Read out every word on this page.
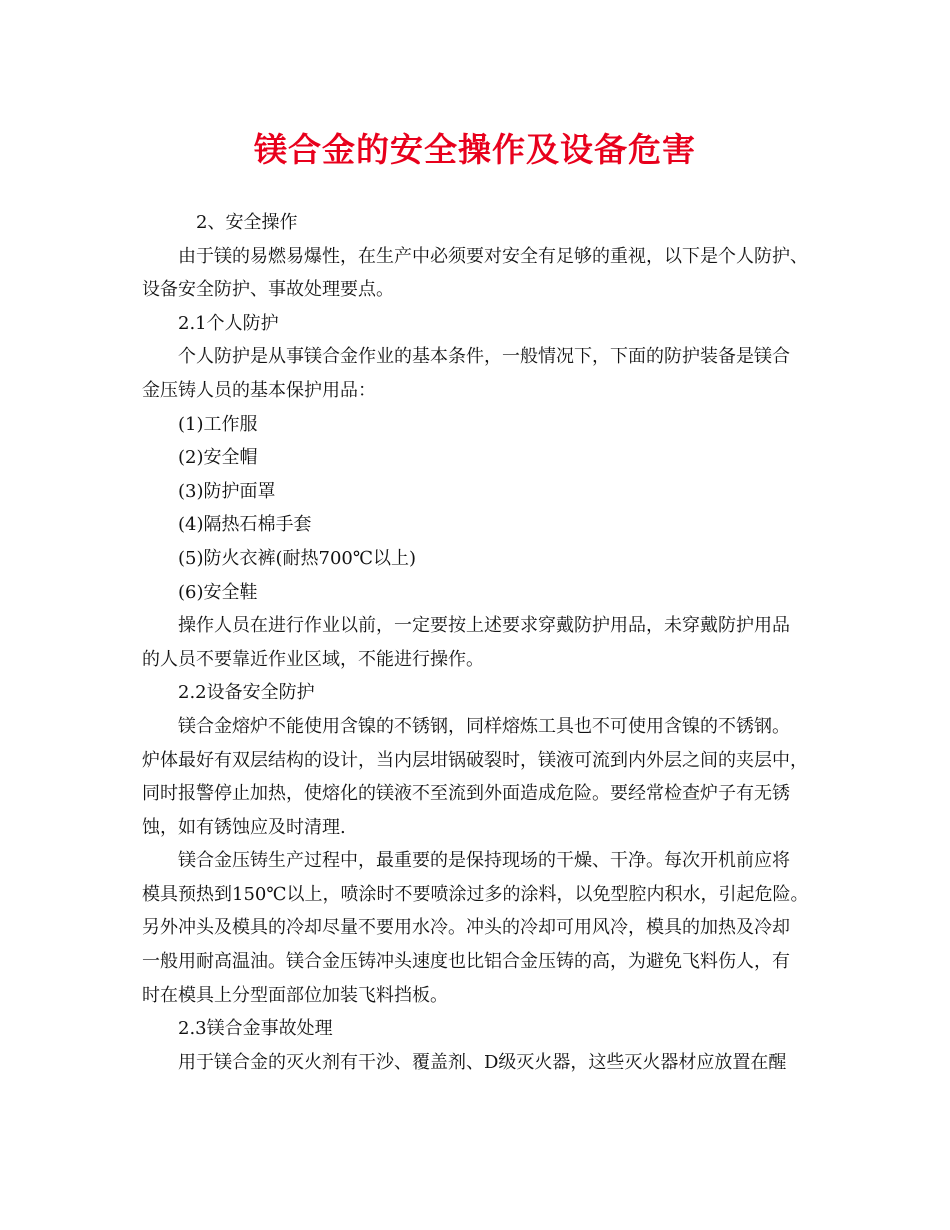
镁合金的安全操作及设备危害

2、安全操作

由于镁的易燃易爆性，在生产中必须要对安全有足够的重视，以下是个人防护、

设备安全防护、事故处理要点。

2.1个人防护

个人防护是从事镁合金作业的基本条件，一般情况下，下面的防护装备是镁合

金压铸人员的基本保护用品：

(1)工作服

(2)安全帽

(3)防护面罩

(4)隔热石棉手套

(5)防火衣裤(耐热700℃以上)

(6)安全鞋

操作人员在进行作业以前，一定要按上述要求穿戴防护用品，未穿戴防护用品

的人员不要靠近作业区域，不能进行操作。

2.2设备安全防护

镁合金熔炉不能使用含镍的不锈钢，同样熔炼工具也不可使用含镍的不锈钢。

炉体最好有双层结构的设计，当内层坩锅破裂时，镁液可流到内外层之间的夹层中，

同时报警停止加热，使熔化的镁液不至流到外面造成危险。要经常检查炉子有无锈

蚀，如有锈蚀应及时清理.

镁合金压铸生产过程中，最重要的是保持现场的干燥、干净。每次开机前应将

模具预热到150℃以上，喷涂时不要喷涂过多的涂料，以免型腔内积水，引起危险。

另外冲头及模具的冷却尽量不要用水冷。冲头的冷却可用风冷，模具的加热及冷却

一般用耐高温油。镁合金压铸冲头速度也比铝合金压铸的高，为避免飞料伤人，有

时在模具上分型面部位加装飞料挡板。

2.3镁合金事故处理

用于镁合金的灭火剂有干沙、覆盖剂、D级灭火器，这些灭火器材应放置在醒
